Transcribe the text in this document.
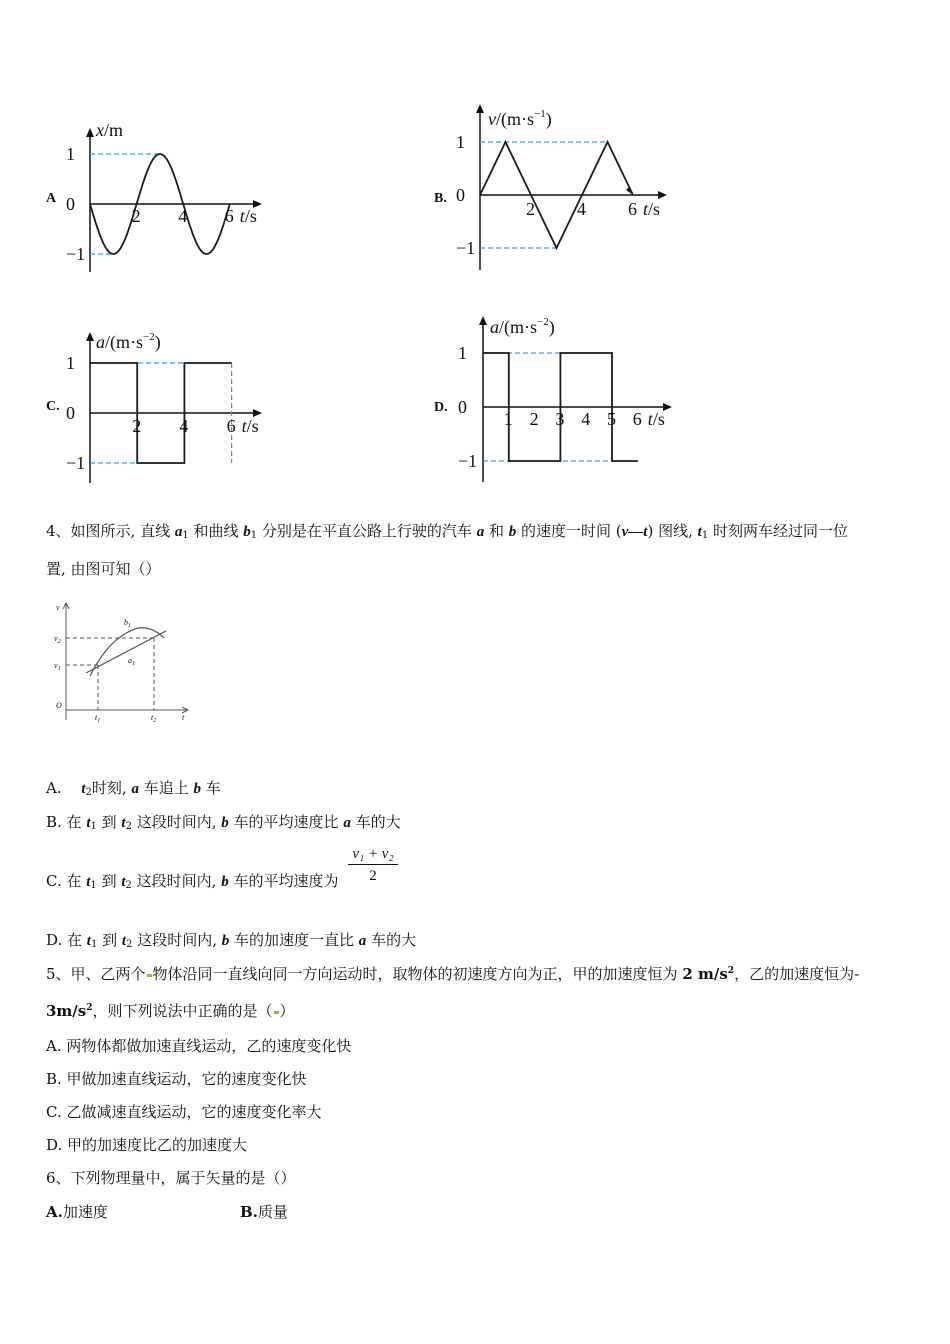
A
1
0
−1
2 4 6 t/s
x/m
1
0
−1
2 4 6 t/s
$v/(m\cdot s^{-1})$
1
0
−1
2 4 6 t/s
$a/(m\cdot s^{-2})$
1
0
−1
1 2 3 4 5 6 t/s
$a/(m\cdot s^{-2})$
4、如图所示, 直线 $a_1$ 和曲线 $b_1$ 分别是在平直公路上行驶的汽车 a 和 b 的速度一时间 (v—t) 图线, $t_1$ 时刻两车经过同一位
置, 由图可知（）
v
$v_2$
$v_1$
O
$b_1$
$a_1$
$t_1$	$t_2$	t
A.　 $t_2$时刻, a 车追上 b 车
B. 在 $t_1$ 到 $t_2$ 这段时间内, b 车的平均速度比 a 车的大
C. 在 $t_1$ 到 $t_2$ 这段时间内, b 车的平均速度为 $\frac{\text{v₁ + v₂}}{2}$
D. 在 $t_1$ 到 $t_2$ 这段时间内, b 车的加速度一直比 a 车的大
5、甲、乙两个 物体沿同一直线向同一方向运动时，取物体的初速度方向为正，甲的加速度恒为 2 $m/s^2$，乙的加速度恒为-
$3m/s^2$，则下列说法中正确的是（ ）
A. 两物体都做加速直线运动，乙的速度变化快
B. 甲做加速直线运动，它的速度变化快
C. 乙做减速直线运动，它的速度变化率大
D. 甲的加速度比乙的加速度大
6、下列物理量中，属于矢量的是（）
A.加速度	B.质量
B.
C.	D.
